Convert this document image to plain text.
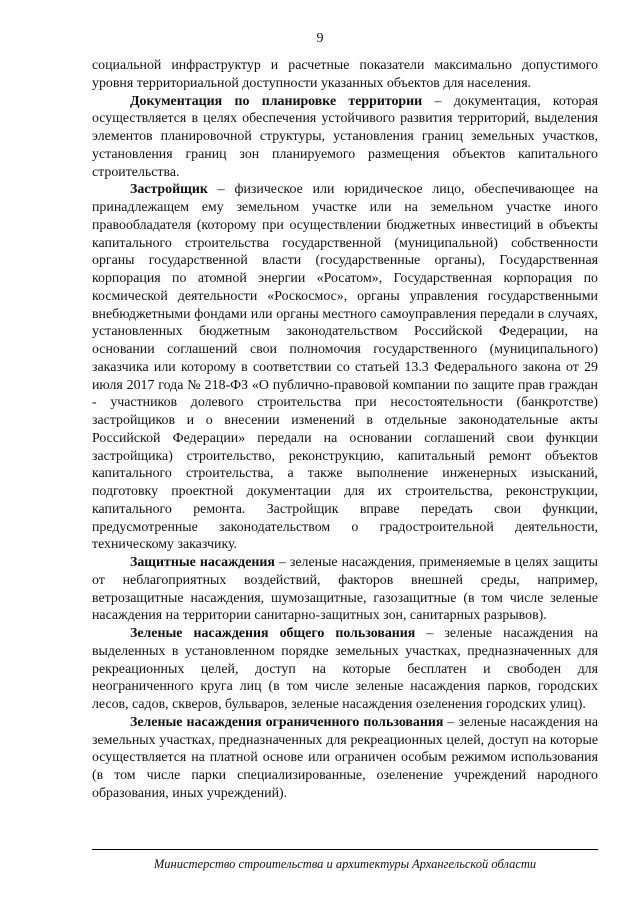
9

социальной инфраструктур и расчетные показатели максимально допустимого уровня территориальной доступности указанных объектов для населения.

Документация по планировке территории – документация, которая осуществляется в целях обеспечения устойчивого развития территорий, выделения элементов планировочной структуры, установления границ земельных участков, установления границ зон планируемого размещения объектов капитального строительства.

Застройщик – физическое или юридическое лицо, обеспечивающее на принадлежащем ему земельном участке или на земельном участке иного правообладателя (которому при осуществлении бюджетных инвестиций в объекты капитального строительства государственной (муниципальной) собственности органы государственной власти (государственные органы), Государственная корпорация по атомной энергии «Росатом», Государственная корпорация по космической деятельности «Роскосмос», органы управления государственными внебюджетными фондами или органы местного самоуправления передали в случаях, установленных бюджетным законодательством Российской Федерации, на основании соглашений свои полномочия государственного (муниципального) заказчика или которому в соответствии со статьей 13.3 Федерального закона от 29 июля 2017 года № 218-ФЗ «О публично-правовой компании по защите прав граждан - участников долевого строительства при несостоятельности (банкротстве) застройщиков и о внесении изменений в отдельные законодательные акты Российской Федерации» передали на основании соглашений свои функции застройщика) строительство, реконструкцию, капитальный ремонт объектов капитального строительства, а также выполнение инженерных изысканий, подготовку проектной документации для их строительства, реконструкции, капитального ремонта. Застройщик вправе передать свои функции, предусмотренные законодательством о градостроительной деятельности, техническому заказчику.

Защитные насаждения – зеленые насаждения, применяемые в целях защиты от неблагоприятных воздействий, факторов внешней среды, например, ветрозащитные насаждения, шумозащитные, газозащитные (в том числе зеленые насаждения на территории санитарно-защитных зон, санитарных разрывов).

Зеленые насаждения общего пользования – зеленые насаждения на выделенных в установленном порядке земельных участках, предназначенных для рекреационных целей, доступ на которые бесплатен и свободен для неограниченного круга лиц (в том числе зеленые насаждения парков, городских лесов, садов, скверов, бульваров, зеленые насаждения озеленения городских улиц).

Зеленые насаждения ограниченного пользования – зеленые насаждения на земельных участках, предназначенных для рекреационных целей, доступ на которые осуществляется на платной основе или ограничен особым режимом использования (в том числе парки специализированные, озеленение учреждений народного образования, иных учреждений).

Министерство строительства и архитектуры Архангельской области
